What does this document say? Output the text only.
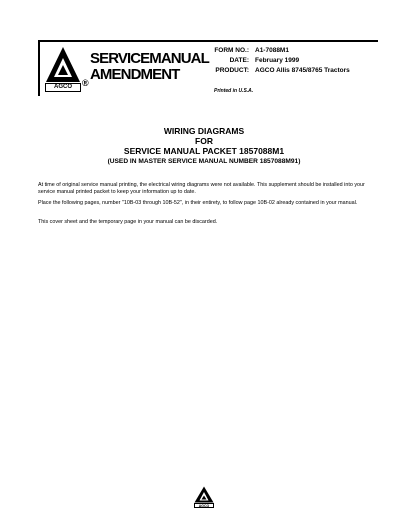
AGCO	®
SERVICEMANUAL
AMENDMENT
FORM NO.: A1-7088M1
DATE: February 1999
PRODUCT: AGCO Allis 8745/8765 Tractors
Printed in U.S.A.
WIRING DIAGRAMS
FOR
SERVICE MANUAL PACKET 1857088M1
(USED IN MASTER SERVICE MANUAL NUMBER 1857088M91)
At time of original service manual printing, the electrical wiring diagrams were not available. This supplement should be installed into your service manual printed packet to keep your information up to date.
Place the following pages, number "10B-03 through 10B-52", in their entirety, to follow page 10B-02 already contained in your manual.
This cover sheet and the temporary page in your manual can be discarded.
AGCO
